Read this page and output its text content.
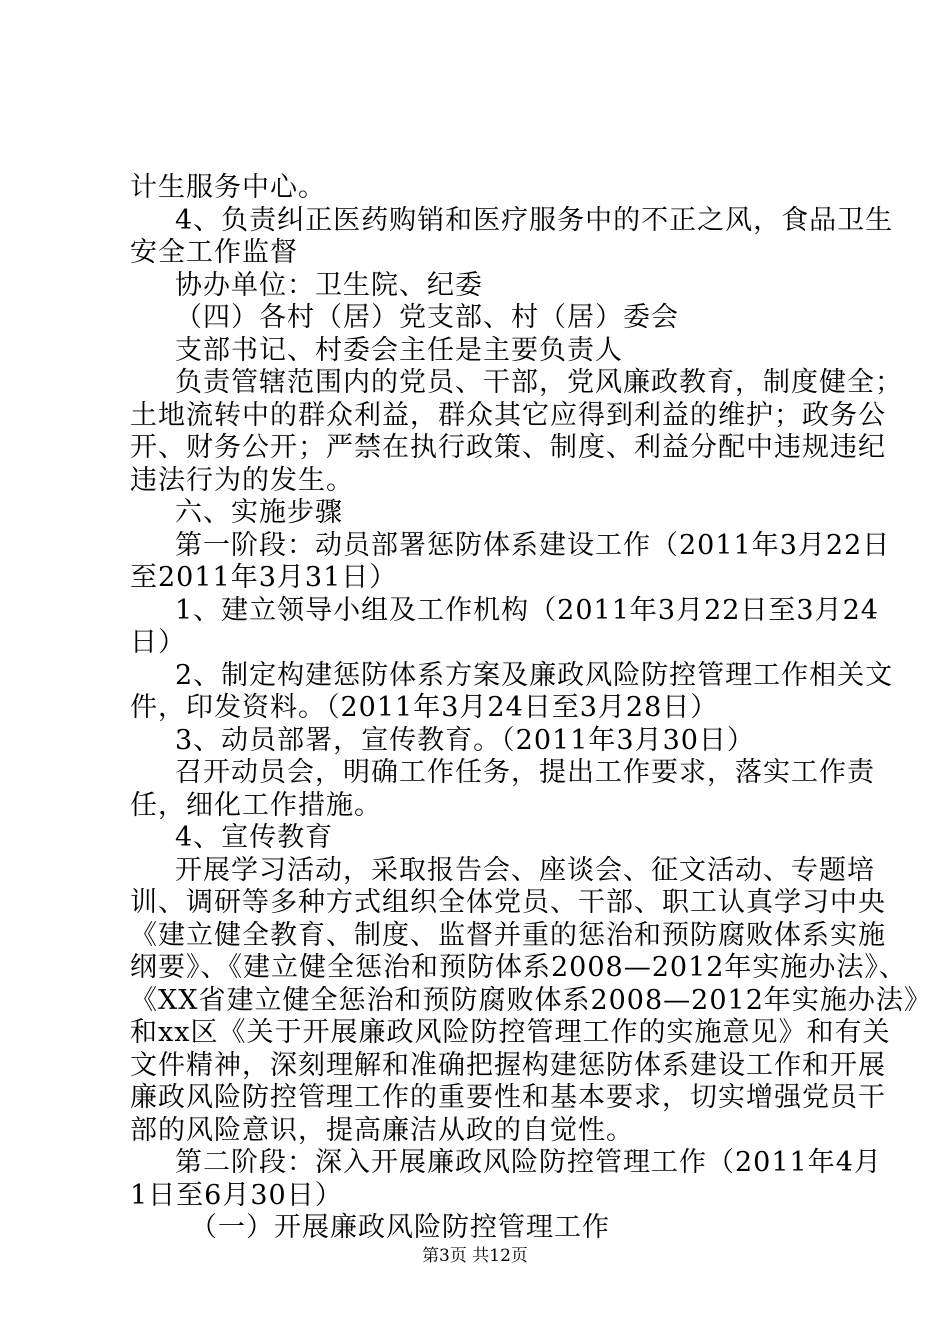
计生服务中心。
4、负责纠正医药购销和医疗服务中的不正之风，食品卫生
安全工作监督
协办单位：卫生院、纪委
（四）各村（居）党支部、村（居）委会
支部书记、村委会主任是主要负责人
负责管辖范围内的党员、干部，党风廉政教育，制度健全；
土地流转中的群众利益，群众其它应得到利益的维护；政务公
开、财务公开；严禁在执行政策、制度、利益分配中违规违纪
违法行为的发生。
六、实施步骤
第一阶段：动员部署惩防体系建设工作（2011年3月22日
至2011年3月31日）
1、建立领导小组及工作机构（2011年3月22日至3月24
日）
2、制定构建惩防体系方案及廉政风险防控管理工作相关文
件，印发资料。（2011年3月24日至3月28日）
3、动员部署，宣传教育。（2011年3月30日）
召开动员会，明确工作任务，提出工作要求，落实工作责
任，细化工作措施。
4、宣传教育
开展学习活动，采取报告会、座谈会、征文活动、专题培
训、调研等多种方式组织全体党员、干部、职工认真学习中央
《建立健全教育、制度、监督并重的惩治和预防腐败体系实施
纲要》、《建立健全惩治和预防体系2008—2012年实施办法》、
《XX省建立健全惩治和预防腐败体系2008—2012年实施办法》
和xx区《关于开展廉政风险防控管理工作的实施意见》和有关
文件精神，深刻理解和准确把握构建惩防体系建设工作和开展
廉政风险防控管理工作的重要性和基本要求，切实增强党员干
部的风险意识，提高廉洁从政的自觉性。
第二阶段：深入开展廉政风险防控管理工作（2011年4月
1日至6月30日）
（一）开展廉政风险防控管理工作
第3页 共12页
